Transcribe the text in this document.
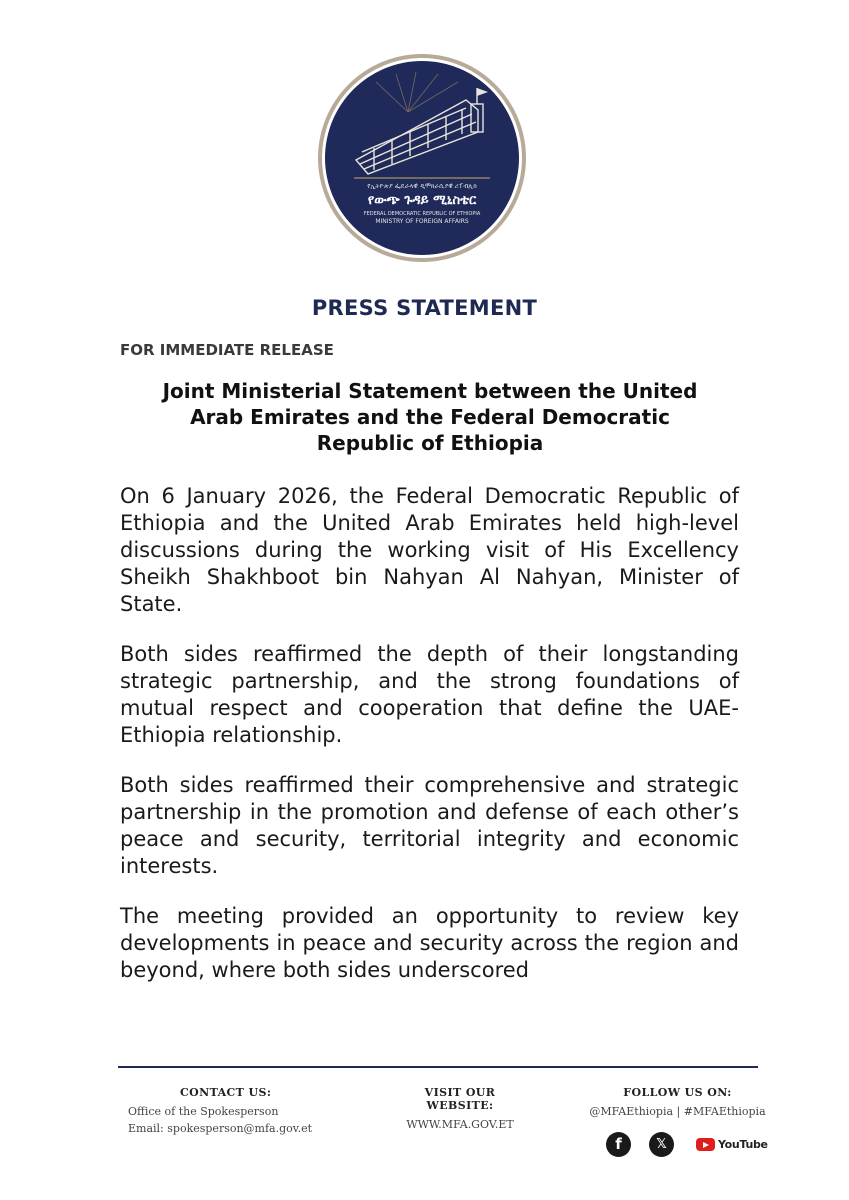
የኢትዮጵያ ፌዴራላዊ ዲሞክራሲያዊ ሪፐብሊክ
የውጭ ጉዳይ ሚኒስቴር
FEDERAL DEMOCRATIC REPUBLIC OF ETHIOPIA
MINISTRY OF FOREIGN AFFAIRS
PRESS STATEMENT
FOR IMMEDIATE RELEASE
Joint Ministerial Statement between the United
Arab Emirates and the Federal Democratic
Republic of Ethiopia

On 6 January 2026, the Federal Democratic Republic of Ethiopia and the United Arab Emirates held high-level discussions during the working visit of His Excellency Sheikh Shakhboot bin Nahyan Al Nahyan, Minister of State.

Both sides reaffirmed the depth of their longstanding strategic partnership, and the strong foundations of mutual respect and cooperation that define the UAE-Ethiopia relationship.

Both sides reaffirmed their comprehensive and strategic partnership in the promotion and defense of each other’s peace and security, territorial integrity and economic interests.

The meeting provided an opportunity to review key developments in peace and security across the region and beyond, where both sides underscored

CONTACT US:
Office of the Spokesperson
Email: spokesperson@mfa.gov.et
VISIT OUR WEBSITE:
WWW.MFA.GOV.ET
FOLLOW US ON:
@MFAEthiopia | #MFAEthiopia
f	𝕏	YouTube
